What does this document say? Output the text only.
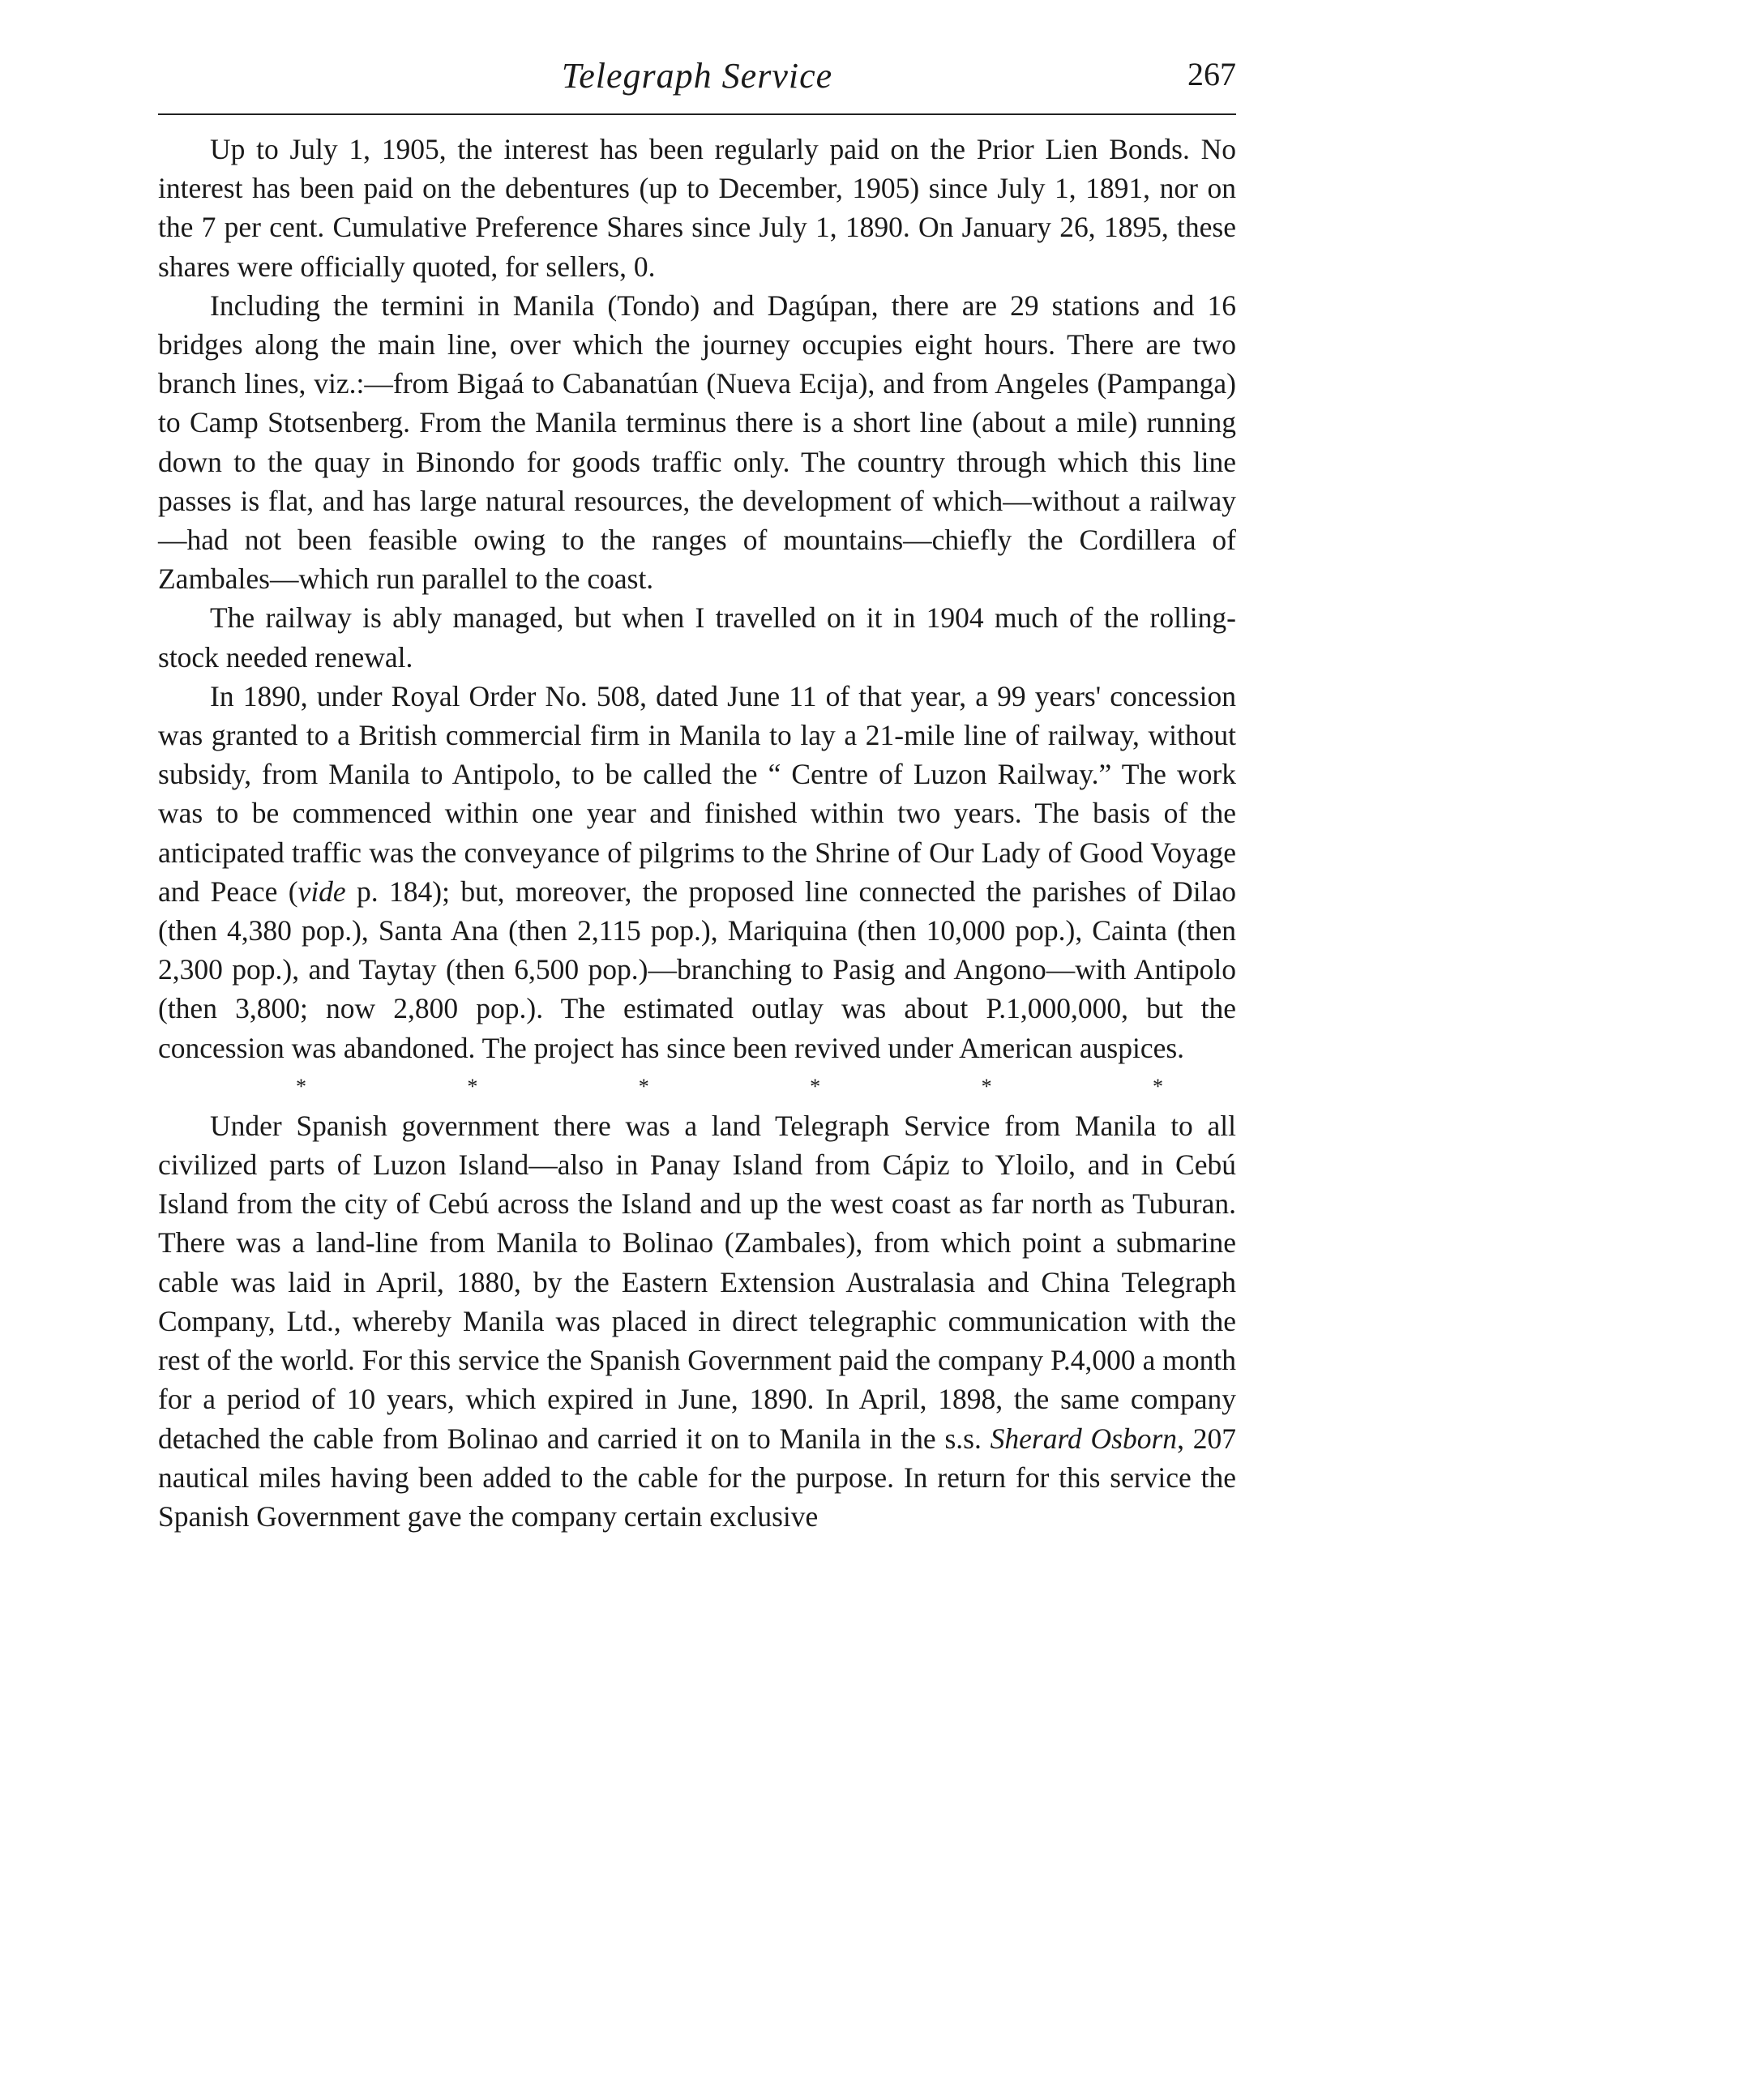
Telegraph Service	267

Up to July 1, 1905, the interest has been regularly paid on the Prior Lien Bonds. No interest has been paid on the debentures (up to December, 1905) since July 1, 1891, nor on the 7 per cent. Cumulative Preference Shares since July 1, 1890. On January 26, 1895, these shares were officially quoted, for sellers, 0.

Including the termini in Manila (Tondo) and Dagúpan, there are 29 stations and 16 bridges along the main line, over which the journey occupies eight hours. There are two branch lines, viz.:—from Bigaá to Cabanatúan (Nueva Ecija), and from Angeles (Pampanga) to Camp Stotsenberg. From the Manila terminus there is a short line (about a mile) running down to the quay in Binondo for goods traffic only. The country through which this line passes is flat, and has large natural resources, the development of which—without a railway—had not been feasible owing to the ranges of mountains—chiefly the Cordillera of Zambales—which run parallel to the coast.

The railway is ably managed, but when I travelled on it in 1904 much of the rolling-stock needed renewal.

In 1890, under Royal Order No. 508, dated June 11 of that year, a 99 years' concession was granted to a British commercial firm in Manila to lay a 21-mile line of railway, without subsidy, from Manila to Antipolo, to be called the “ Centre of Luzon Railway.” The work was to be commenced within one year and finished within two years. The basis of the anticipated traffic was the conveyance of pilgrims to the Shrine of Our Lady of Good Voyage and Peace (vide p. 184); but, moreover, the proposed line connected the parishes of Dilao (then 4,380 pop.), Santa Ana (then 2,115 pop.), Mariquina (then 10,000 pop.), Cainta (then 2,300 pop.), and Taytay (then 6,500 pop.)—branching to Pasig and Angono—with Antipolo (then 3,800; now 2,800 pop.). The estimated outlay was about P.1,000,000, but the concession was abandoned. The project has since been revived under American auspices.

*	*	*	*	*	*

Under Spanish government there was a land Telegraph Service from Manila to all civilized parts of Luzon Island—also in Panay Island from Cápiz to Yloilo, and in Cebú Island from the city of Cebú across the Island and up the west coast as far north as Tuburan. There was a land-line from Manila to Bolinao (Zambales), from which point a submarine cable was laid in April, 1880, by the Eastern Extension Australasia and China Telegraph Company, Ltd., whereby Manila was placed in direct telegraphic communication with the rest of the world. For this service the Spanish Government paid the company P.4,000 a month for a period of 10 years, which expired in June, 1890. In April, 1898, the same company detached the cable from Bolinao and carried it on to Manila in the s.s. Sherard Osborn, 207 nautical miles having been added to the cable for the purpose. In return for this service the Spanish Government gave the company certain exclusive
